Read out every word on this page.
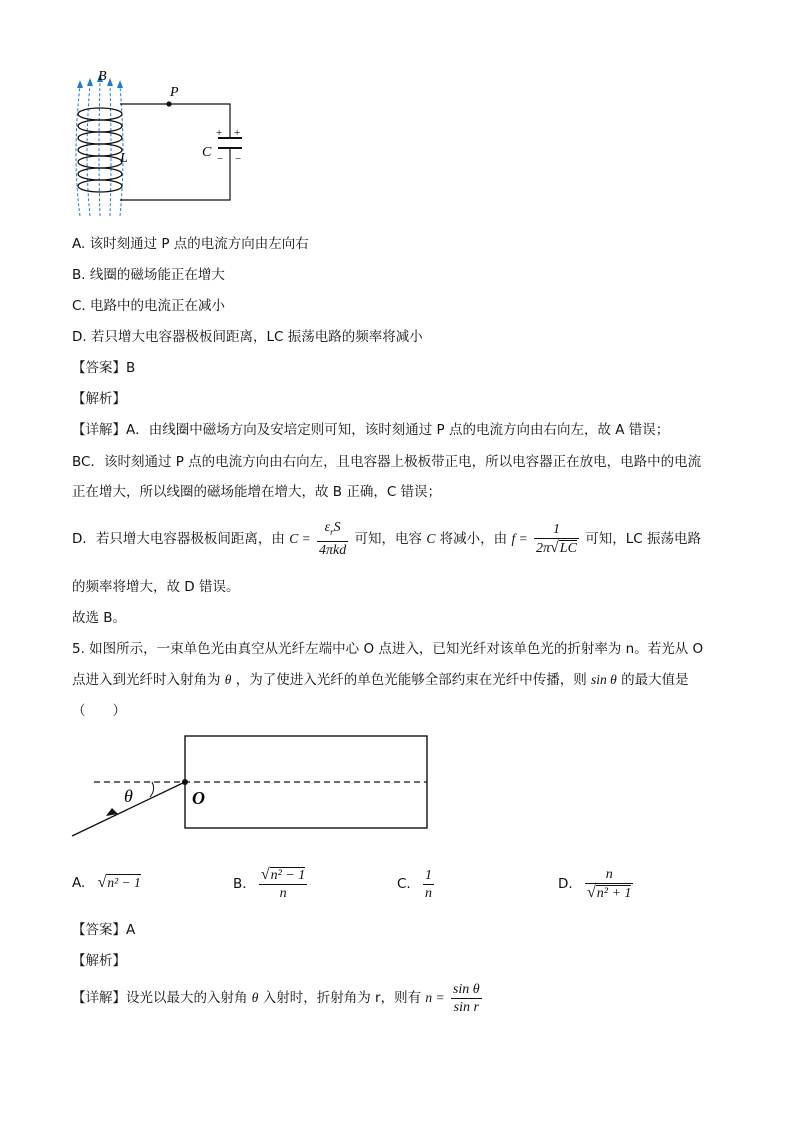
B
P
C
L
+ +
− −
A. 该时刻通过 P 点的电流方向由左向右
B. 线圈的磁场能正在增大
C. 电路中的电流正在减小
D. 若只增大电容器极板间距离，LC 振荡电路的频率将减小
【答案】B
【解析】
【详解】A．由线圈中磁场方向及安培定则可知，该时刻通过 P 点的电流方向由右向左，故 A 错误；
BC．该时刻通过 P 点的电流方向由右向左，且电容器上极板带正电，所以电容器正在放电，电路中的电流
正在增大，所以线圈的磁场能增在增大，故 B 正确，C 错误；
D．若只增大电容器极板间距离，由 $C = \frac{\varepsilon_rS}{\text{4πkd}}$ 可知，电容 C 将减小，由 $f = \frac{1}{2\pi√LC}$ 可知，LC 振荡电路
的频率将增大，故 D 错误。
故选 B。
5. 如图所示，一束单色光由真空从光纤左端中心 O 点进入，已知光纤对该单色光的折射率为 n。若光从 O
点进入到光纤时入射角为 θ ，为了使进入光纤的单色光能够全部约束在光纤中传播，则 sin θ 的最大值是
（　　）
θ	O
A. √n² − 1	B. $\frac{\text{√n² − 1}}{n}$	C. $\frac{1}{n}$	D. $\frac{n}{\text{√n² + 1}}$
【答案】A
【解析】
【详解】设光以最大的入射角 θ 入射时，折射角为 r，则有 $n = \frac{\text{sin θ}}{\text{sin r}}$
